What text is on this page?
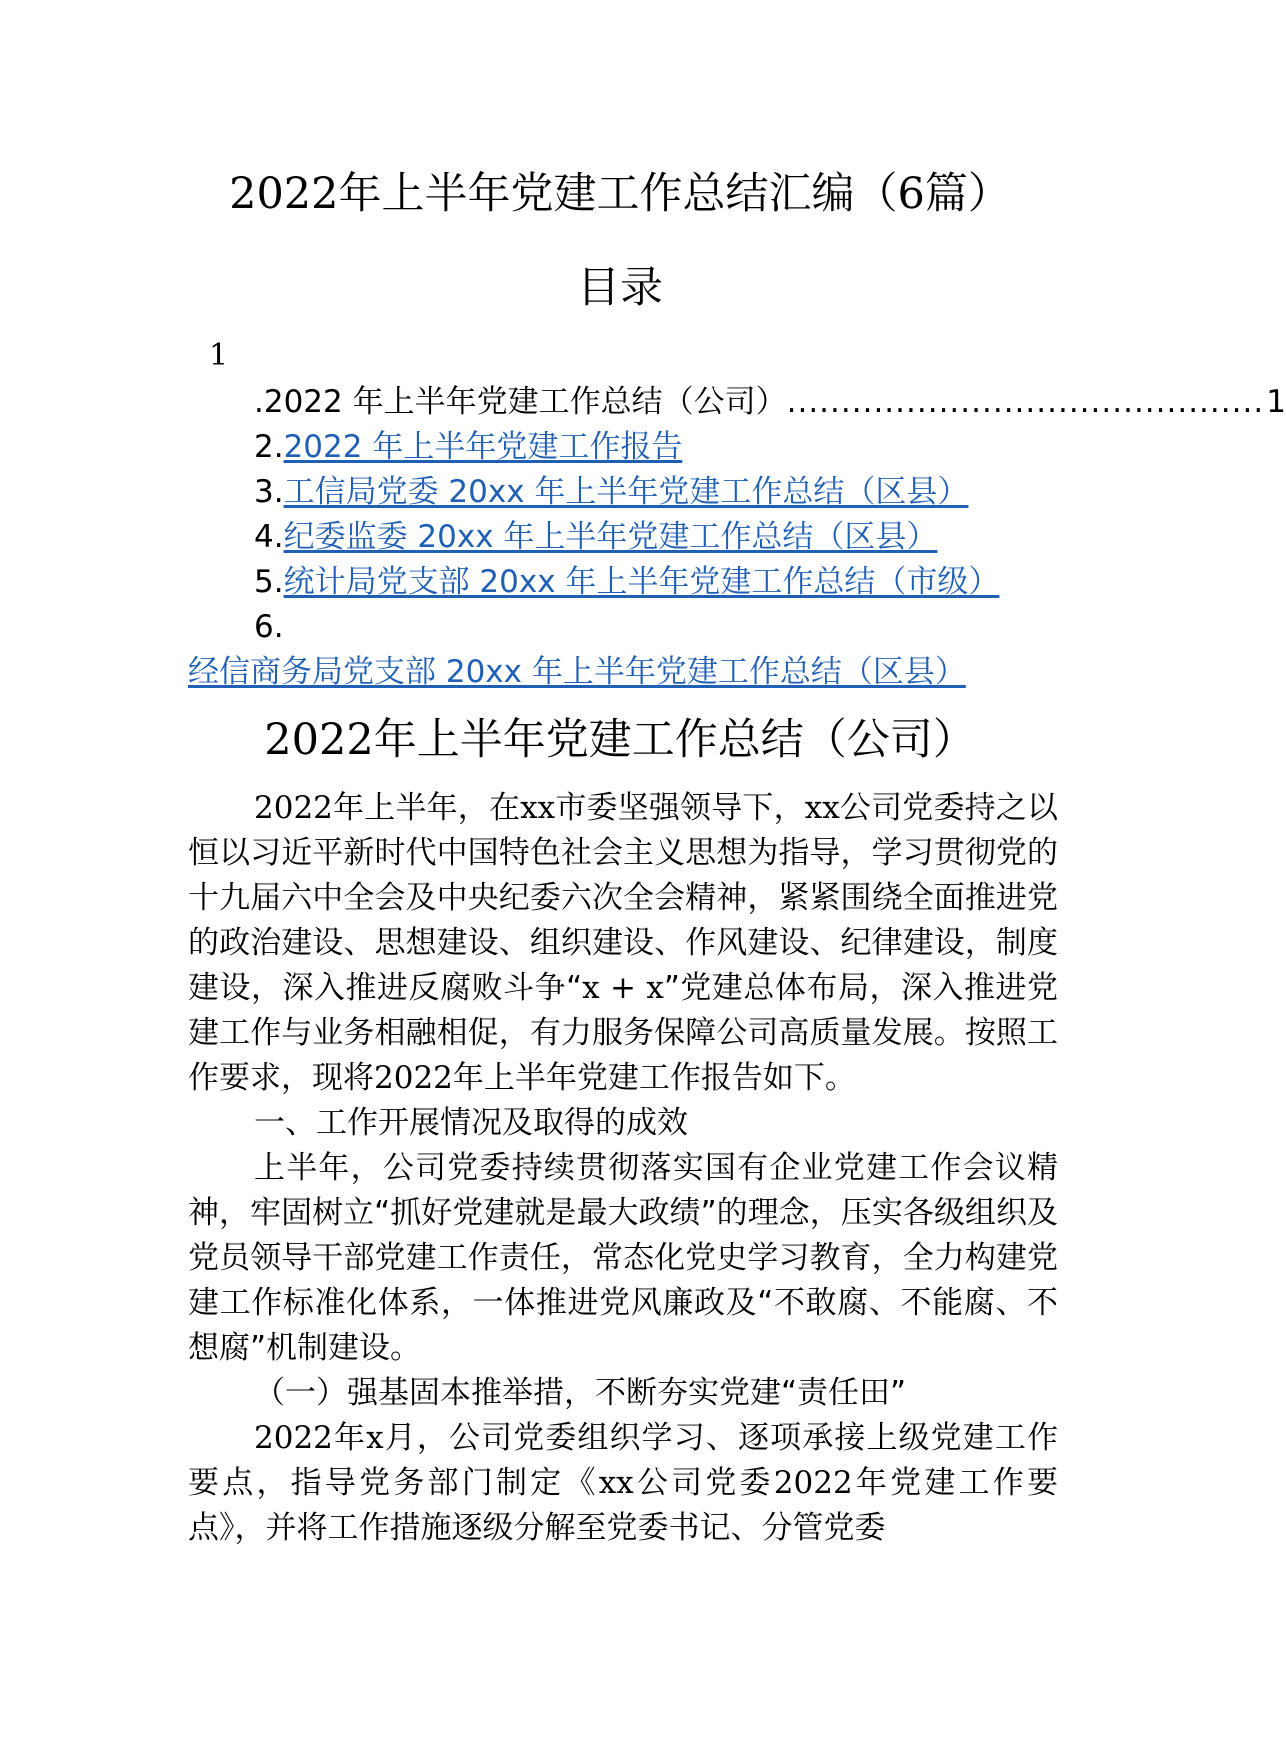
2022年上半年党建工作总结汇编（6篇）
目录
1
.2022 年上半年党建工作总结（公司） ............................................ 1
2.2022 年上半年党建工作报告
3.工信局党委 20xx 年上半年党建工作总结（区县）
4.纪委监委 20xx 年上半年党建工作总结（区县）
5.统计局党支部 20xx 年上半年党建工作总结（市级）
6.经信商务局党支部 20xx 年上半年党建工作总结（区县）
2022年上半年党建工作总结（公司）

2022年上半年，在xx市委坚强领导下，xx公司党委持之以恒以习近平新时代中国特色社会主义思想为指导，学习贯彻党的十九届六中全会及中央纪委六次全会精神，紧紧围绕全面推进党的政治建设、思想建设、组织建设、作风建设、纪律建设，制度建设，深入推进反腐败斗争“x + x”党建总体布局，深入推进党建工作与业务相融相促，有力服务保障公司高质量发展。按照工作要求，现将2022年上半年党建工作报告如下。

一、工作开展情况及取得的成效

上半年，公司党委持续贯彻落实国有企业党建工作会议精神，牢固树立“抓好党建就是最大政绩”的理念，压实各级组织及党员领导干部党建工作责任，常态化党史学习教育，全力构建党建工作标准化体系，一体推进党风廉政及“不敢腐、不能腐、不想腐”机制建设。

（一）强基固本推举措，不断夯实党建“责任田”

2022年x月，公司党委组织学习、逐项承接上级党建工作要点，指导党务部门制定《xx公司党委2022年党建工作要点》，并将工作措施逐级分解至党委书记、分管党委
